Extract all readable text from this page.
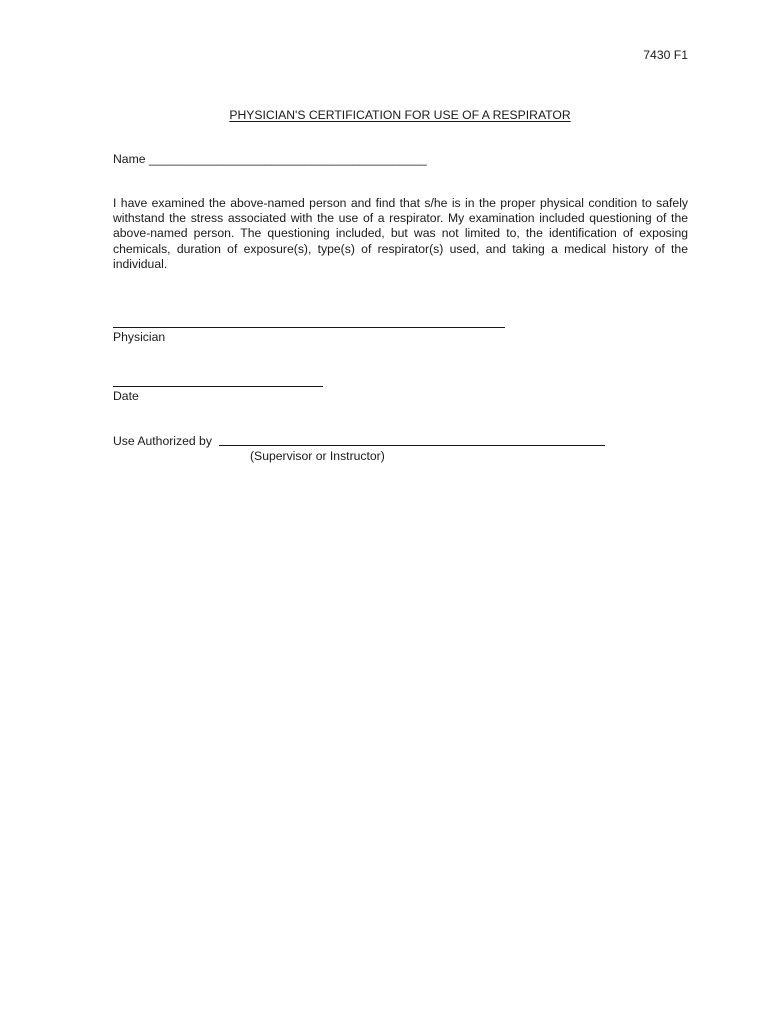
7430 F1
PHYSICIAN'S CERTIFICATION FOR USE OF A RESPIRATOR
Name _________________________________________
I have examined the above-named person and find that s/he is in the proper physical condition to safely withstand the stress associated with the use of a respirator. My examination included questioning of the above-named person. The questioning included, but was not limited to, the identification of exposing chemicals, duration of exposure(s), type(s) of respirator(s) used, and taking a medical history of the individual.
Physician
Date
Use Authorized by
(Supervisor or Instructor)
